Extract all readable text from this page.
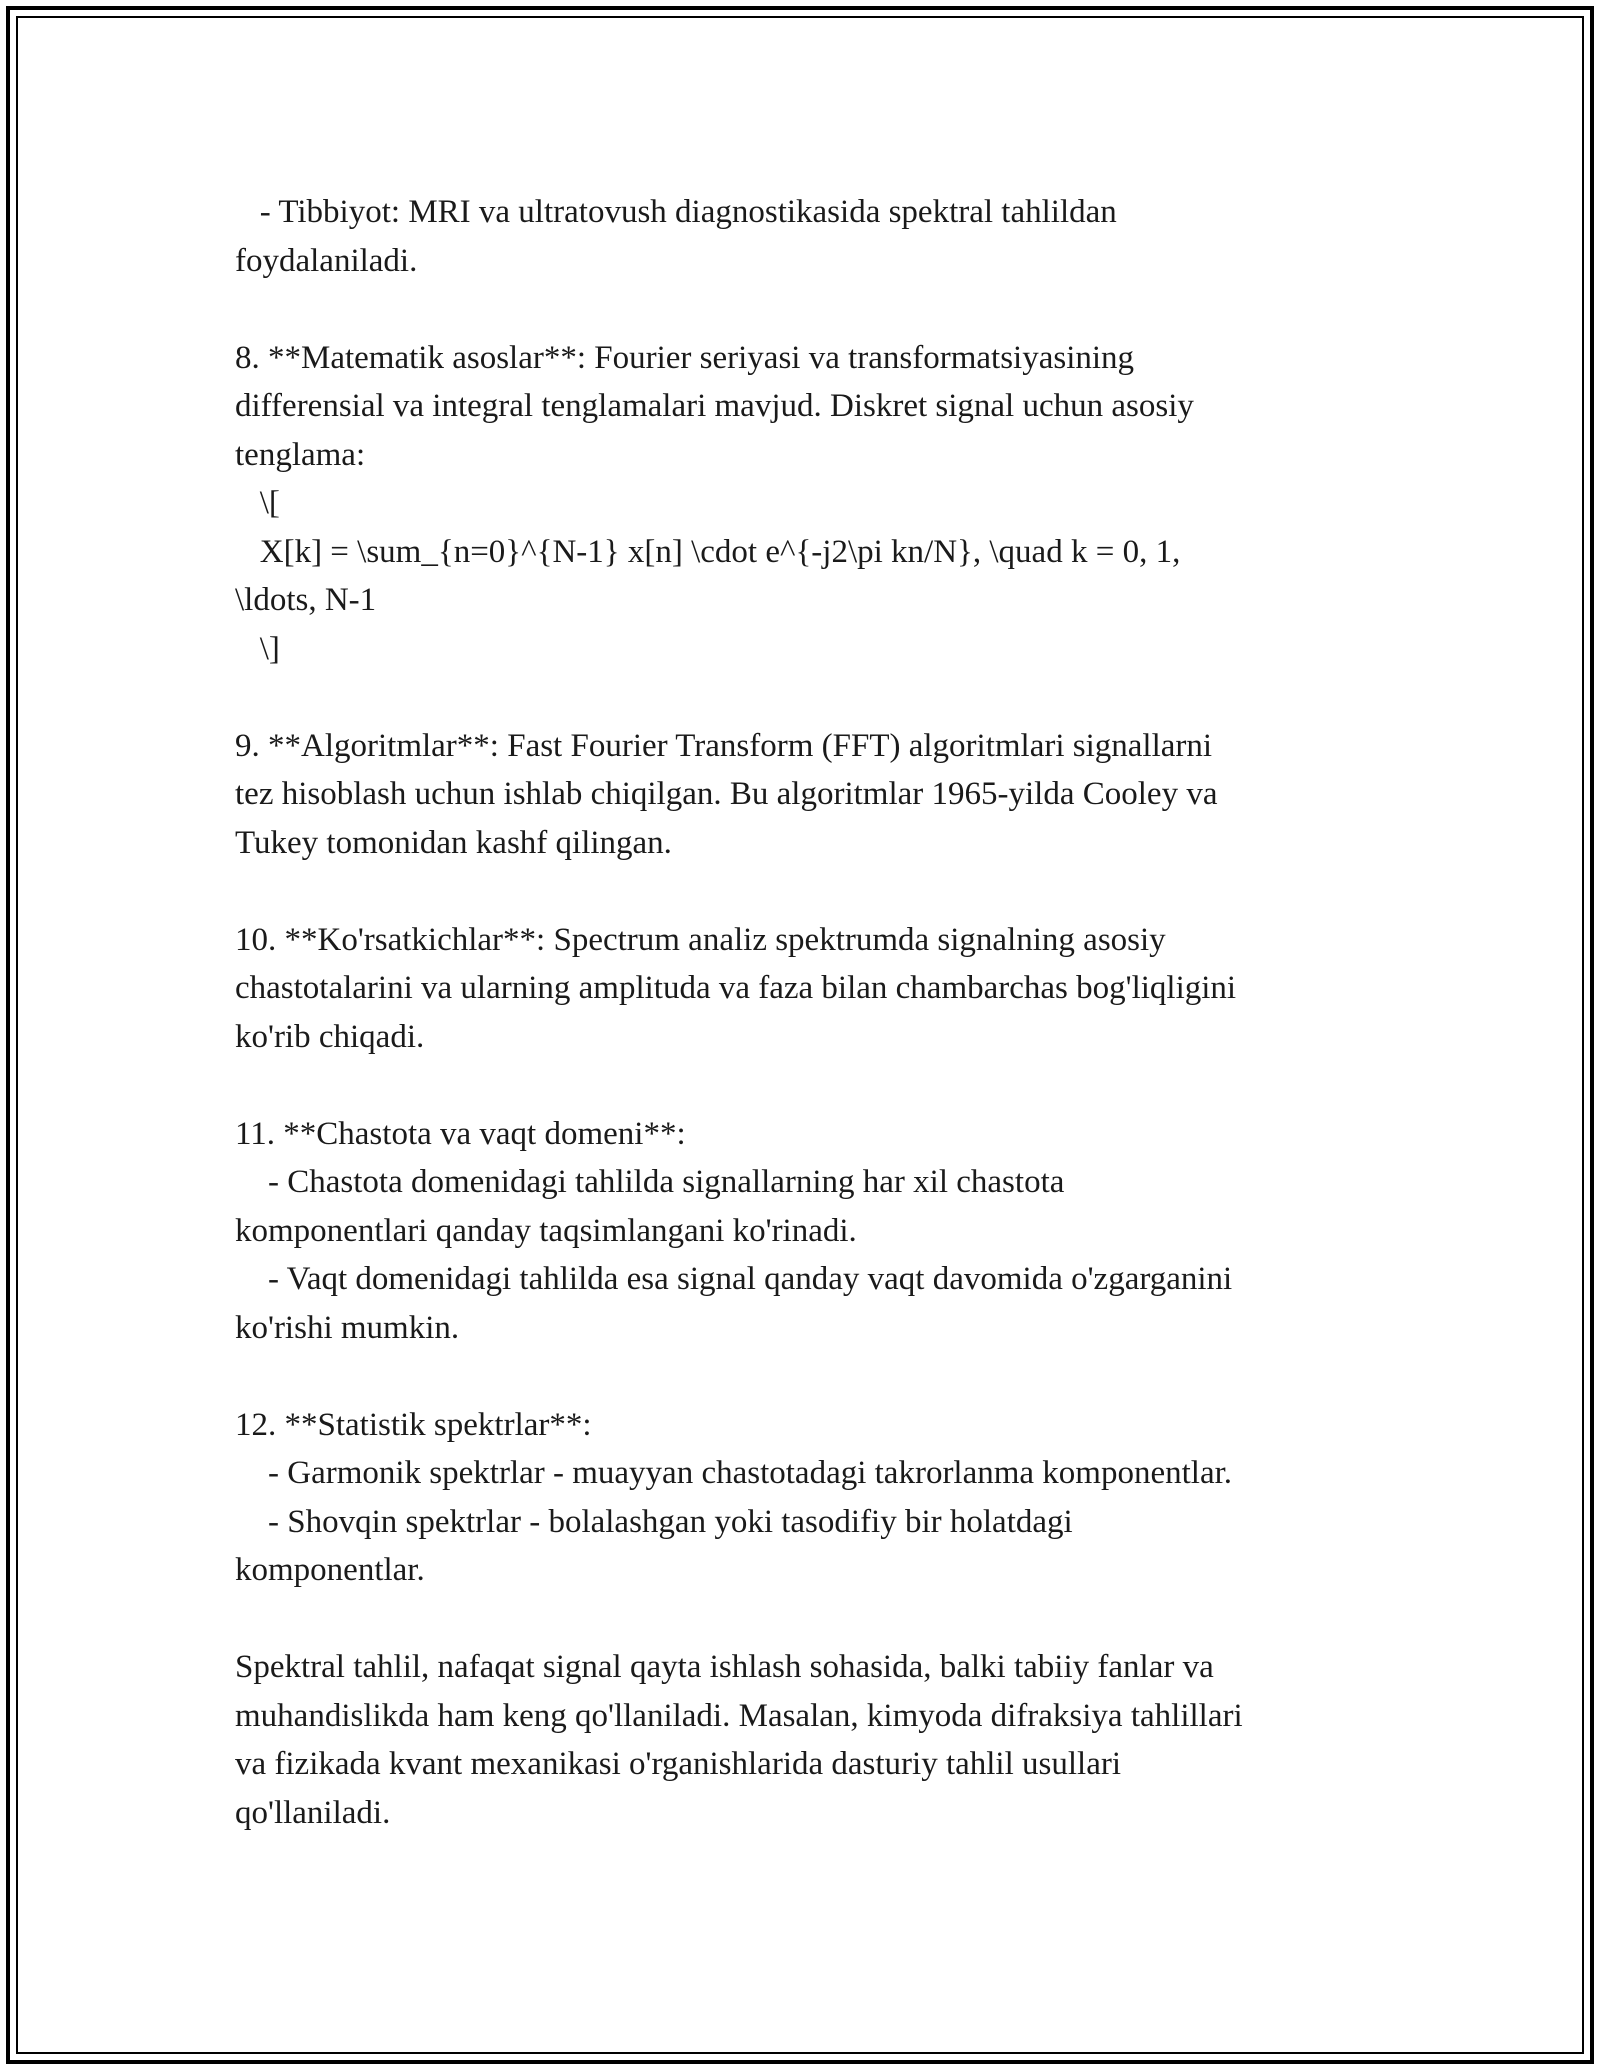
- Tibbiyot: MRI va ultratovush diagnostikasida spektral tahlildan
foydalaniladi.
8. **Matematik asoslar**: Fourier seriyasi va transformatsiyasining
differensial va integral tenglamalari mavjud. Diskret signal uchun asosiy
tenglama:
\[
X[k] = \sum_{n=0}^{N-1} x[n] \cdot e^{-j2\pi kn/N}, \quad k = 0, 1,
\ldots, N-1
\]
9. **Algoritmlar**: Fast Fourier Transform (FFT) algoritmlari signallarni
tez hisoblash uchun ishlab chiqilgan. Bu algoritmlar 1965-yilda Cooley va
Tukey tomonidan kashf qilingan.
10. **Ko'rsatkichlar**: Spectrum analiz spektrumda signalning asosiy
chastotalarini va ularning amplituda va faza bilan chambarchas bog'liqligini
ko'rib chiqadi.
11. **Chastota va vaqt domeni**:
- Chastota domenidagi tahlilda signallarning har xil chastota
komponentlari qanday taqsimlangani ko'rinadi.
- Vaqt domenidagi tahlilda esa signal qanday vaqt davomida o'zgarganini
ko'rishi mumkin.
12. **Statistik spektrlar**:
- Garmonik spektrlar - muayyan chastotadagi takrorlanma komponentlar.
- Shovqin spektrlar - bolalashgan yoki tasodifiy bir holatdagi
komponentlar.
Spektral tahlil, nafaqat signal qayta ishlash sohasida, balki tabiiy fanlar va
muhandislikda ham keng qo'llaniladi. Masalan, kimyoda difraksiya tahlillari
va fizikada kvant mexanikasi o'rganishlarida dasturiy tahlil usullari
qo'llaniladi.
